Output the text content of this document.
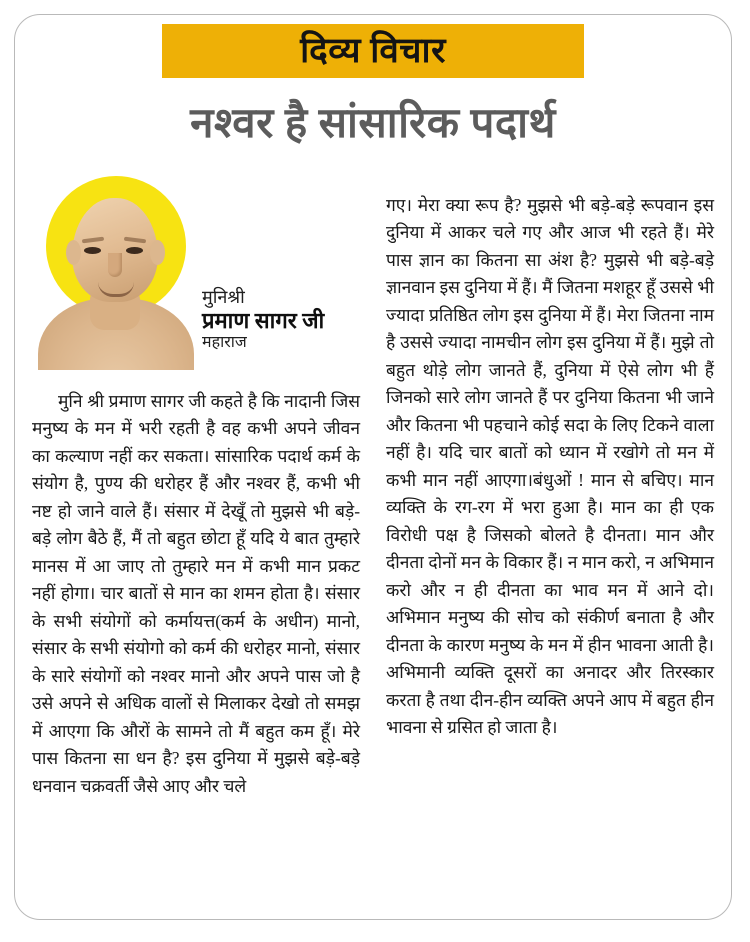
दिव्य विचार
नश्वर है सांसारिक पदार्थ
मुनिश्री
प्रमाण सागर जी
महाराज

मुनि श्री प्रमाण सागर जी कहते है कि नादानी जिस मनुष्य के मन में भरी रहती है वह कभी अपने जीवन का कल्याण नहीं कर सकता। सांसारिक पदार्थ कर्म के संयोग है, पुण्य की धरोहर हैं और नश्वर हैं, कभी भी नष्ट हो जाने वाले हैं। संसार में देखूँ तो मुझसे भी बड़े-बड़े लोग बैठे हैं, मैं तो बहुत छोटा हूँ यदि ये बात तुम्हारे मानस में आ जाए तो तुम्हारे मन में कभी मान प्रकट नहीं होगा। चार बातों से मान का शमन होता है। संसार के सभी संयोगों को कर्मायत्त(कर्म के अधीन) मानो, संसार के सभी संयोगो को कर्म की धरोहर मानो, संसार के सारे संयोगों को नश्वर मानो और अपने पास जो है उसे अपने से अधिक वालों से मिलाकर देखो तो समझ में आएगा कि औरों के सामने तो मैं बहुत कम हूँ। मेरे पास कितना सा धन है? इस दुनिया में मुझसे बड़े-बड़े धनवान चक्रवर्ती जैसे आए और चले

गए। मेरा क्या रूप है? मुझसे भी बड़े-बड़े रूपवान इस दुनिया में आकर चले गए और आज भी रहते हैं। मेरे पास ज्ञान का कितना सा अंश है? मुझसे भी बड़े-बड़े ज्ञानवान इस दुनिया में हैं। मैं जितना मशहूर हूँ उससे भी ज्यादा प्रतिष्ठित लोग इस दुनिया में हैं। मेरा जितना नाम है उससे ज्यादा नामचीन लोग इस दुनिया में हैं। मुझे तो बहुत थोड़े लोग जानते हैं, दुनिया में ऐसे लोग भी हैं जिनको सारे लोग जानते हैं पर दुनिया कितना भी जाने और कितना भी पहचाने कोई सदा के लिए टिकने वाला नहीं है। यदि चार बातों को ध्यान में रखोगे तो मन में कभी मान नहीं आएगा।बंधुओं ! मान से बचिए। मान व्यक्ति के रग-रग में भरा हुआ है। मान का ही एक विरोधी पक्ष है जिसको बोलते है दीनता। मान और दीनता दोनों मन के विकार हैं। न मान करो, न अभिमान करो और न ही दीनता का भाव मन में आने दो। अभिमान मनुष्य की सोच को संकीर्ण बनाता है और दीनता के कारण मनुष्य के मन में हीन भावना आती है। अभिमानी व्यक्ति दूसरों का अनादर और तिरस्कार करता है तथा दीन-हीन व्यक्ति अपने आप में बहुत हीन भावना से ग्रसित हो जाता है।
